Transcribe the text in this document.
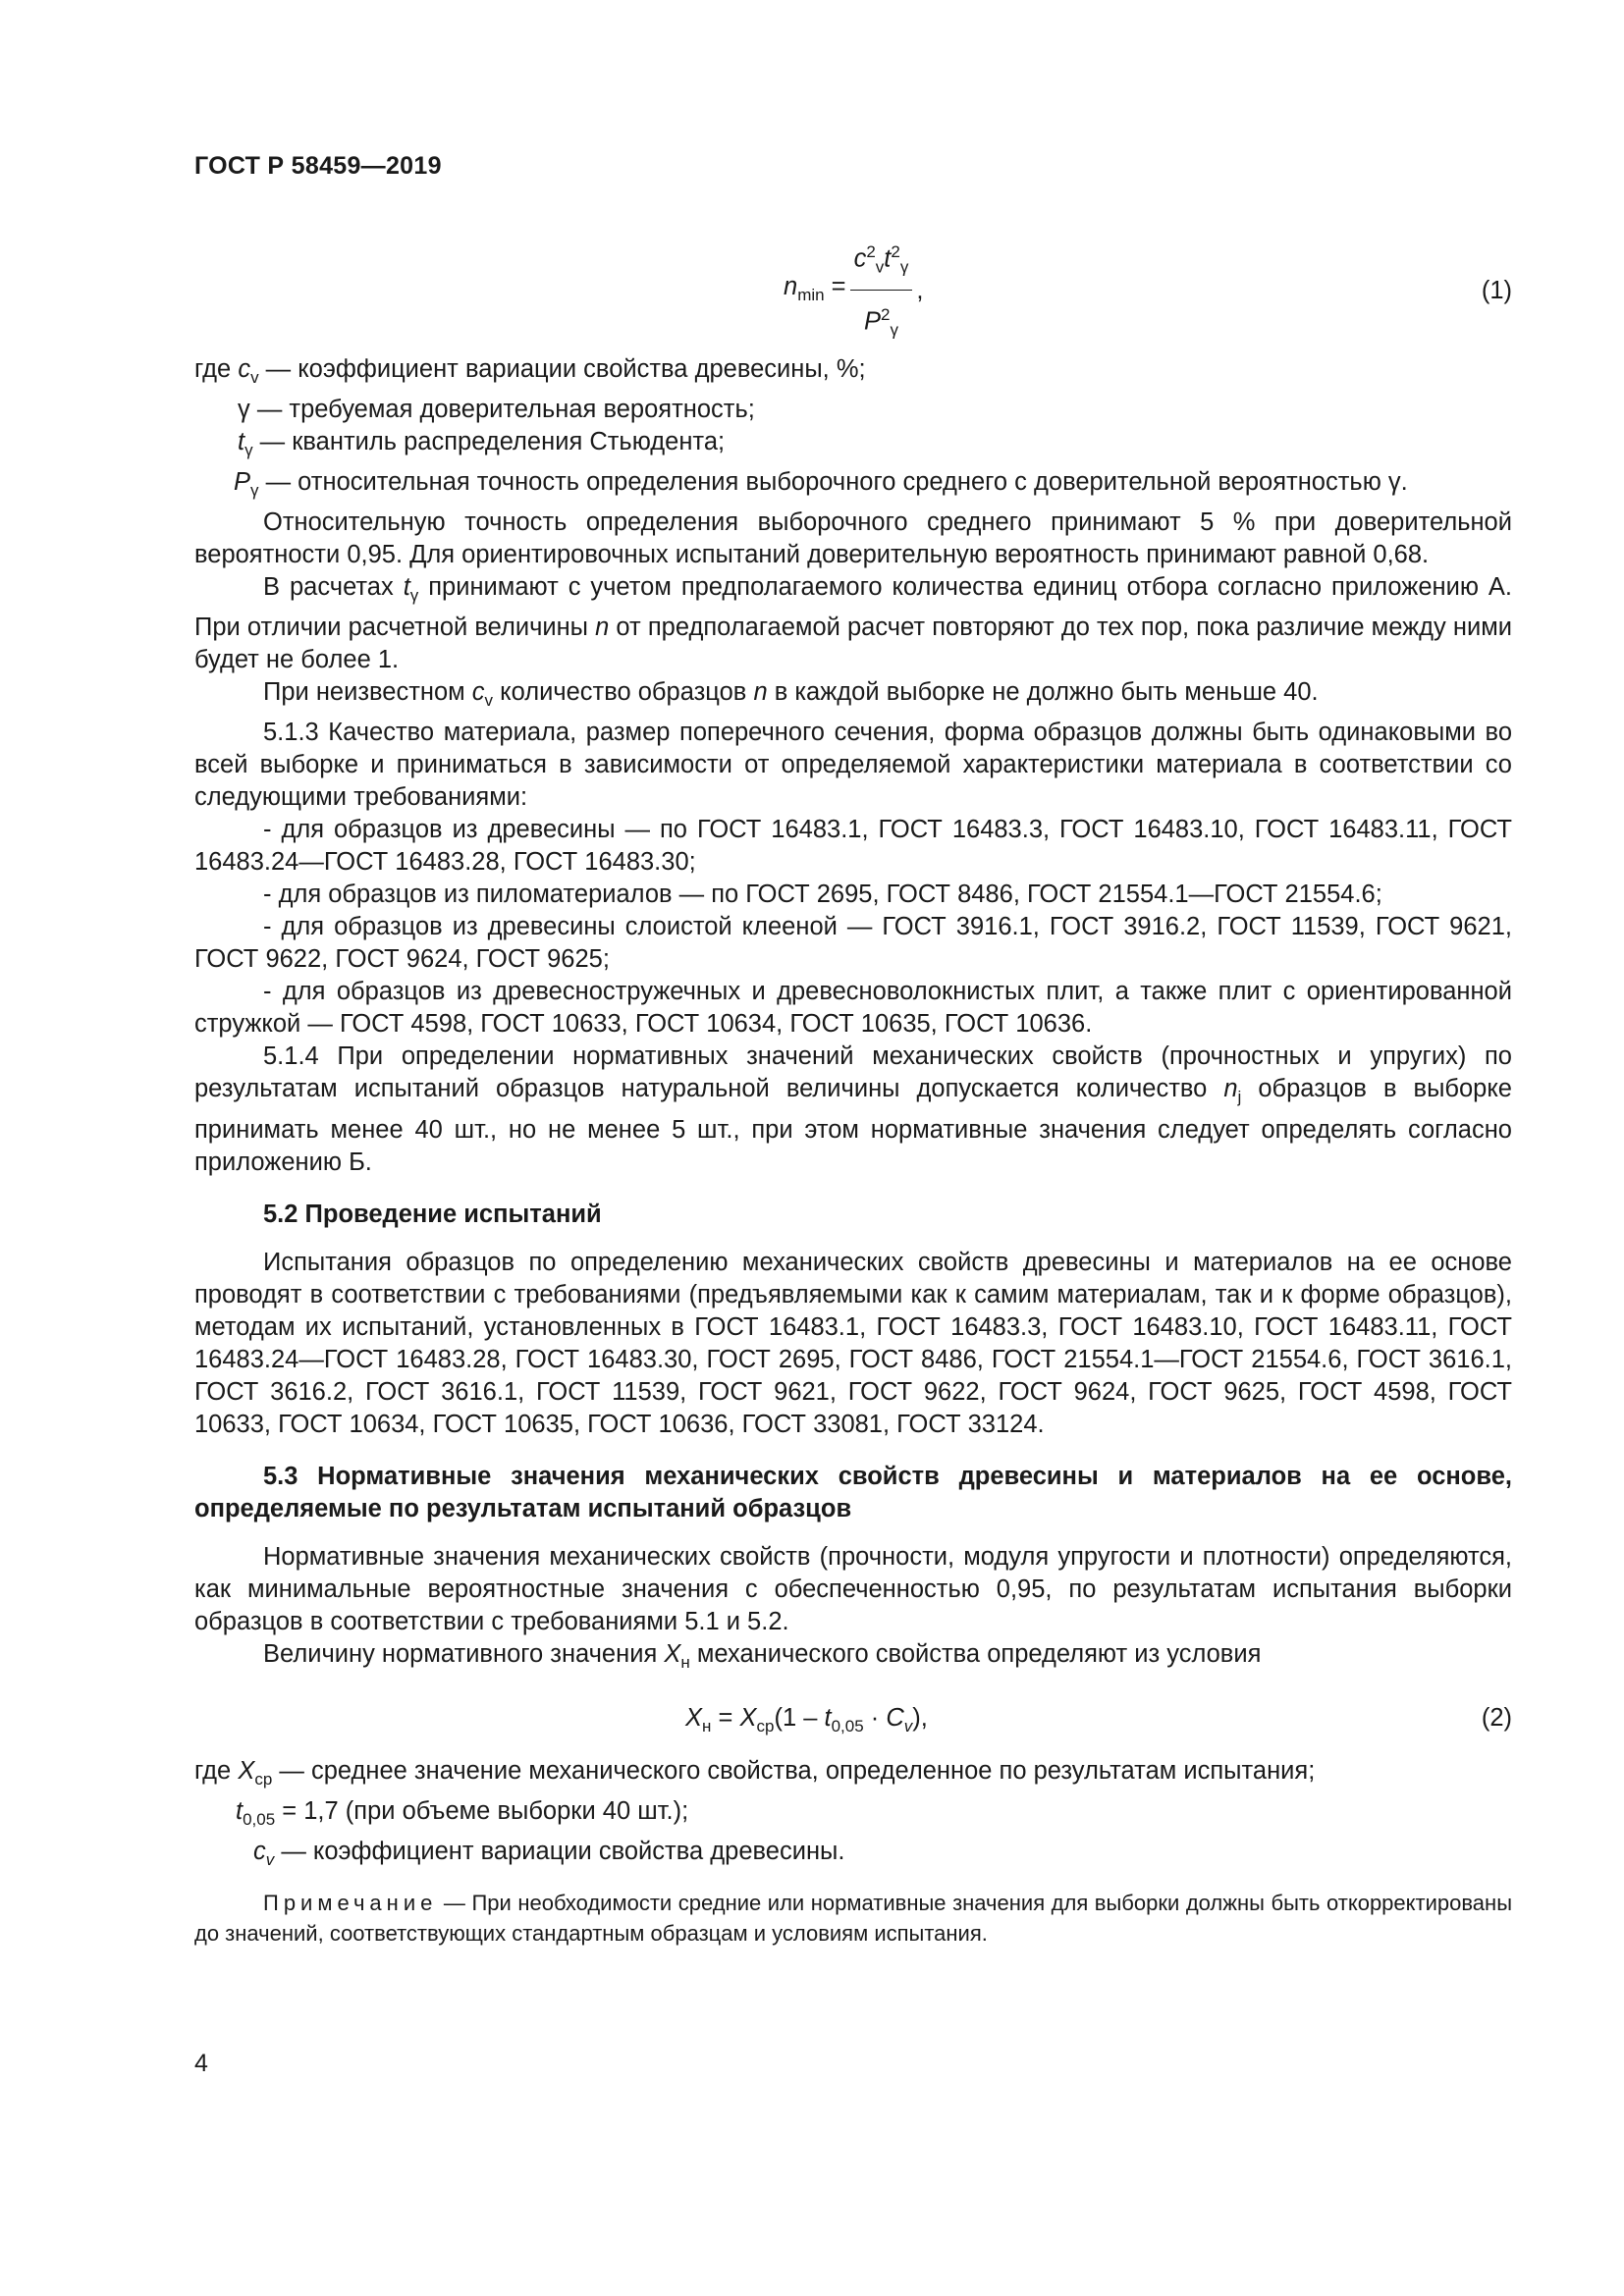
ГОСТ Р 58459—2019
$n_{min} = \frac{c^2_vt^2_\gamma}{P^2_\gamma}$ ,	(1)

где $c_v$ — коэффициент вариации свойства древесины, %;

γ — требуемая доверительная вероятность;

$t_\gamma$ — квантиль распределения Стьюдента;

$P_\gamma$ — относительная точность определения выборочного среднего с доверительной вероятностью γ.

Относительную точность определения выборочного среднего принимают 5 % при доверительной вероятности 0,95. Для ориентировочных испытаний доверительную вероятность принимают равной 0,68.

В расчетах $t_\gamma$ принимают с учетом предполагаемого количества единиц отбора согласно приложению А. При отличии расчетной величины n от предполагаемой расчет повторяют до тех пор, пока различие между ними будет не более 1.

При неизвестном $c_v$ количество образцов n в каждой выборке не должно быть меньше 40.

5.1.3 Качество материала, размер поперечного сечения, форма образцов должны быть одинаковыми во всей выборке и приниматься в зависимости от определяемой характеристики материала в соответствии со следующими требованиями:

- для образцов из древесины — по ГОСТ 16483.1, ГОСТ 16483.3, ГОСТ 16483.10, ГОСТ 16483.11, ГОСТ 16483.24—ГОСТ 16483.28, ГОСТ 16483.30;

- для образцов из пиломатериалов — по ГОСТ 2695, ГОСТ 8486, ГОСТ 21554.1—ГОСТ 21554.6;

- для образцов из древесины слоистой клееной — ГОСТ 3916.1, ГОСТ 3916.2, ГОСТ 11539, ГОСТ 9621, ГОСТ 9622, ГОСТ 9624, ГОСТ 9625;

- для образцов из древесностружечных и древесноволокнистых плит, а также плит с ориентированной стружкой — ГОСТ 4598, ГОСТ 10633, ГОСТ 10634, ГОСТ 10635, ГОСТ 10636.

5.1.4 При определении нормативных значений механических свойств (прочностных и упругих) по результатам испытаний образцов натуральной величины допускается количество $n_j$ образцов в выборке принимать менее 40 шт., но не менее 5 шт., при этом нормативные значения следует определять согласно приложению Б.

5.2 Проведение испытаний

Испытания образцов по определению механических свойств древесины и материалов на ее основе проводят в соответствии с требованиями (предъявляемыми как к самим материалам, так и к форме образцов), методам их испытаний, установленных в ГОСТ 16483.1, ГОСТ 16483.3, ГОСТ 16483.10, ГОСТ 16483.11, ГОСТ 16483.24—ГОСТ 16483.28, ГОСТ 16483.30, ГОСТ 2695, ГОСТ 8486, ГОСТ 21554.1—ГОСТ 21554.6, ГОСТ 3616.1, ГОСТ 3616.2, ГОСТ 3616.1, ГОСТ 11539, ГОСТ 9621, ГОСТ 9622, ГОСТ 9624, ГОСТ 9625, ГОСТ 4598, ГОСТ 10633, ГОСТ 10634, ГОСТ 10635, ГОСТ 10636, ГОСТ 33081, ГОСТ 33124.

5.3 Нормативные значения механических свойств древесины и материалов на ее основе, определяемые по результатам испытаний образцов

Нормативные значения механических свойств (прочности, модуля упругости и плотности) определяются, как минимальные вероятностные значения с обеспеченностью 0,95, по результатам испытания выборки образцов в соответствии с требованиями 5.1 и 5.2.

Величину нормативного значения $X_н$ механического свойства определяют из условия

$X_н = X_{ср}(1 - t_{0,05} \cdot C_v)$,	(2)

где $X_{ср}$ — среднее значение механического свойства, определенное по результатам испытания;

$t_{0,05} = 1,7$ (при объеме выборки 40 шт.);

$c_v$ — коэффициент вариации свойства древесины.

Примечание — При необходимости средние или нормативные значения для выборки должны быть откорректированы до значений, соответствующих стандартным образцам и условиям испытания.

4
